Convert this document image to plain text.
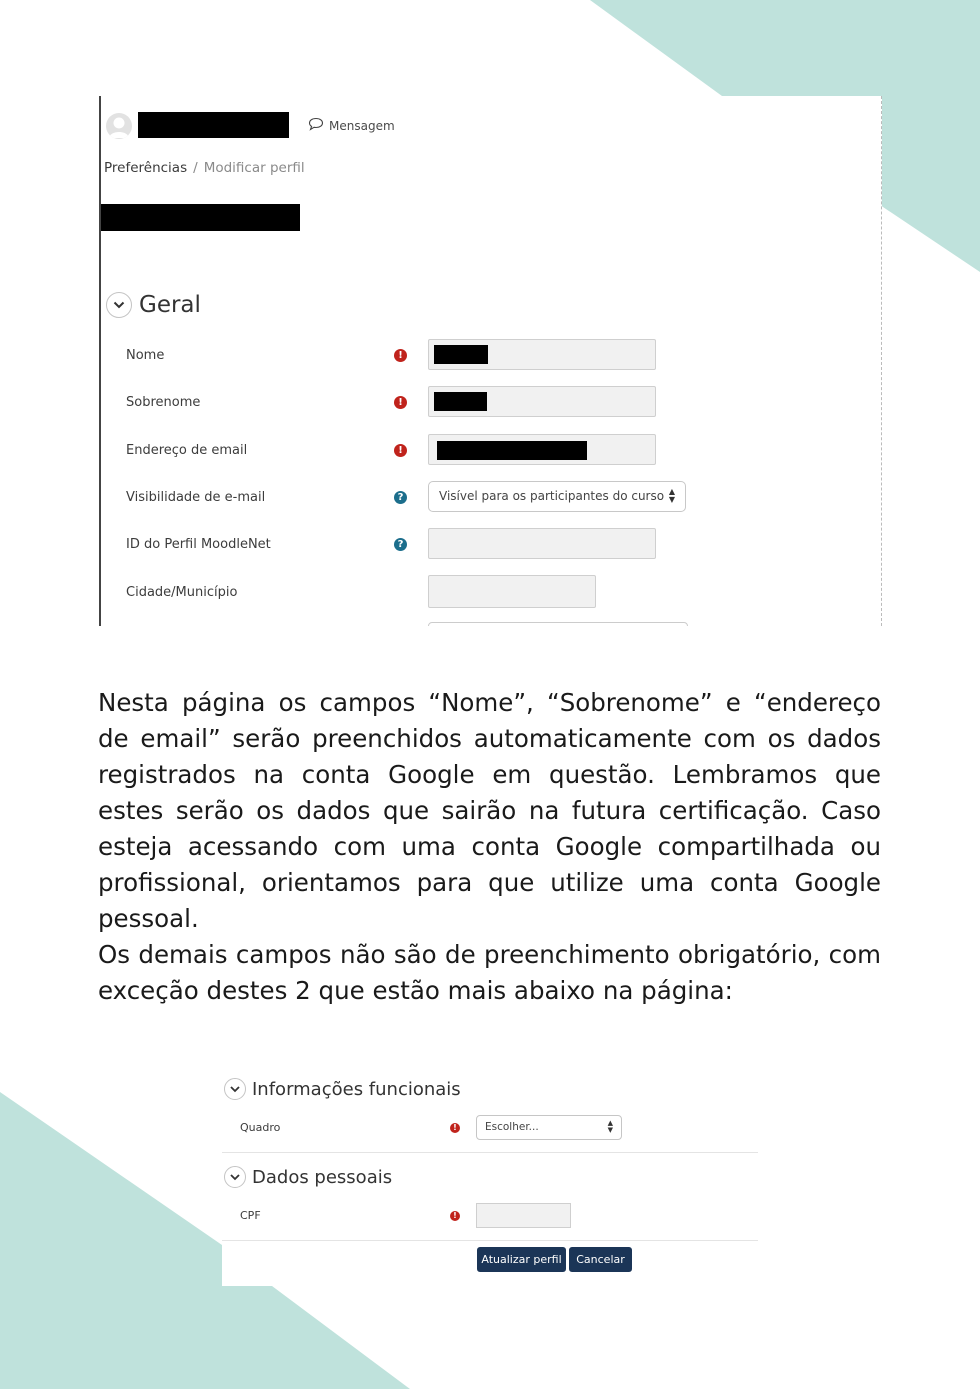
Mensagem
Preferências / Modificar perfil
Geral
Nome	!
Sobrenome	!
Endereço de email	!
Visibilidade de e-mail	?	Visível para os participantes do curso ▲
▼
ID do Perfil MoodleNet	?
Cidade/Município

Nesta página os campos “Nome”, “Sobrenome” e “endereço de email” serão preenchidos automaticamente com os dados registrados na conta Google em questão. Lembramos que estes serão os dados que sairão na futura certificação. Caso esteja acessando com uma conta Google compartilhada ou profissional, orientamos para que utilize uma conta Google pessoal.

Os demais campos não são de preenchimento obrigatório, com exceção destes 2 que estão mais abaixo na página:

Informações funcionais
Quadro	!	Escolher...	▲
▼
Dados pessoais
CPF	!
Atualizar perfil	Cancelar
